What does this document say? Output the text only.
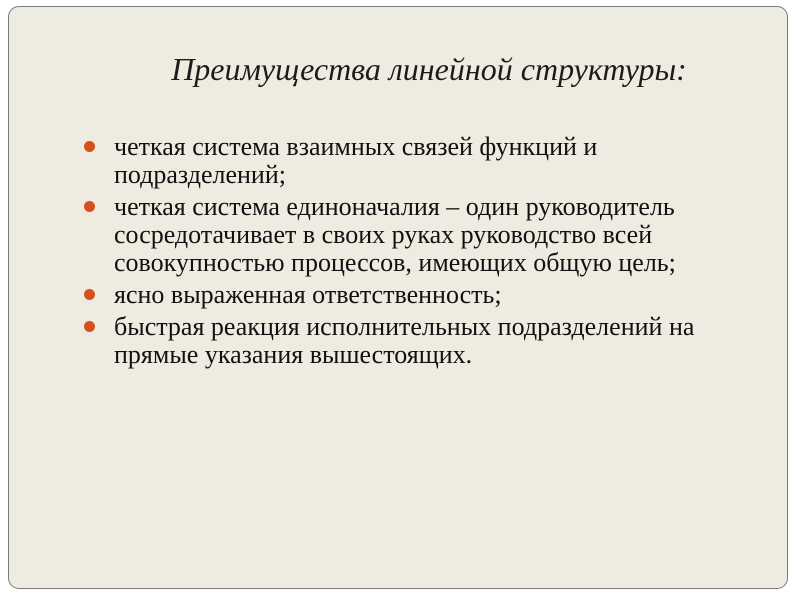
Преимущества линейной структуры:
четкая система взаимных связей функций и подразделений;
четкая система единоначалия – один руководитель сосредотачивает в своих руках руководство всей совокупностью процессов, имеющих общую цель;
ясно выраженная ответственность;
быстрая реакция исполнительных подразделений на прямые указания вышестоящих.
